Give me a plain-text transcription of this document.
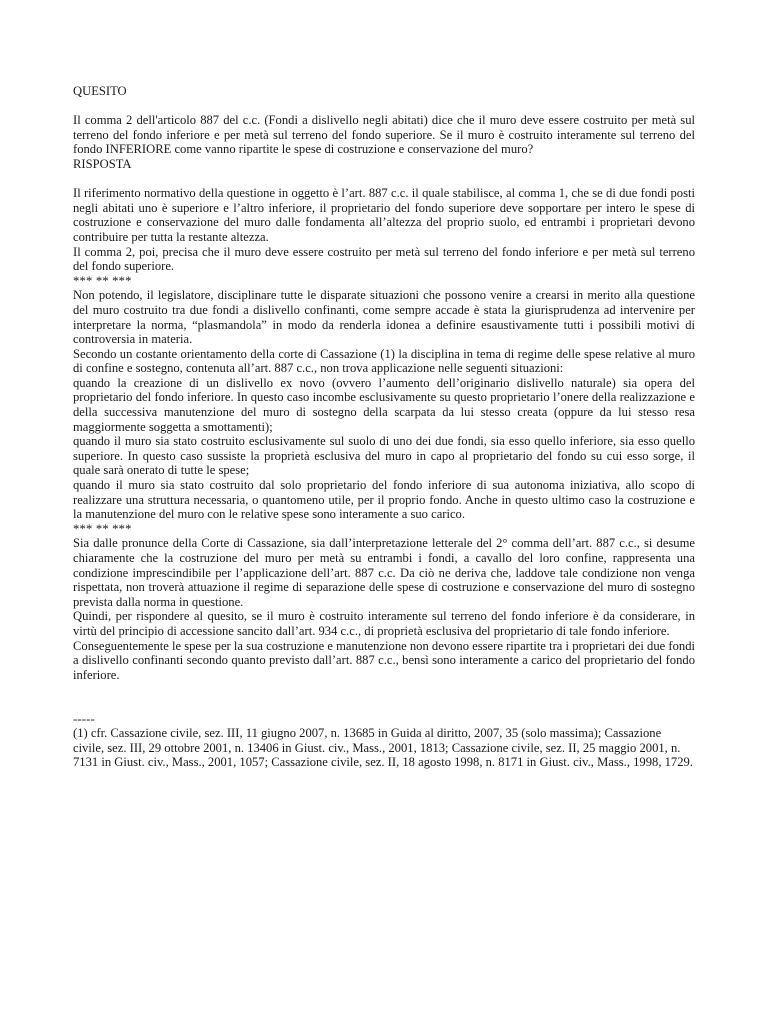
QUESITO

Il comma 2 dell'articolo 887 del c.c. (Fondi a dislivello negli abitati) dice che il muro deve essere costruito per metà sul terreno del fondo inferiore e per metà sul terreno del fondo superiore. Se il muro è costruito interamente sul terreno del fondo INFERIORE come vanno ripartite le spese di costruzione e conservazione del muro?

RISPOSTA

Il riferimento normativo della questione in oggetto è l’art. 887 c.c. il quale stabilisce, al comma 1, che se di due fondi posti negli abitati uno è superiore e l’altro inferiore, il proprietario del fondo superiore deve sopportare per intero le spese di costruzione e conservazione del muro dalle fondamenta all’altezza del proprio suolo, ed entrambi i proprietari devono contribuire per tutta la restante altezza.

Il comma 2, poi, precisa che il muro deve essere costruito per metà sul terreno del fondo inferiore e per metà sul terreno del fondo superiore.

*** ** ***

Non potendo, il legislatore, disciplinare tutte le disparate situazioni che possono venire a crearsi in merito alla questione del muro costruito tra due fondi a dislivello confinanti, come sempre accade è stata la giurisprudenza ad intervenire per interpretare la norma, “plasmandola” in modo da renderla idonea a definire esaustivamente tutti i possibili motivi di controversia in materia.

Secondo un costante orientamento della corte di Cassazione (1) la disciplina in tema di regime delle spese relative al muro di confine e sostegno, contenuta all’art. 887 c.c., non trova applicazione nelle seguenti situazioni:

quando la creazione di un dislivello ex novo (ovvero l’aumento dell’originario dislivello naturale) sia opera del proprietario del fondo inferiore. In questo caso incombe esclusivamente su questo proprietario l’onere della realizzazione e della successiva manutenzione del muro di sostegno della scarpata da lui stesso creata (oppure da lui stesso resa maggiormente soggetta a smottamenti);

quando il muro sia stato costruito esclusivamente sul suolo di uno dei due fondi, sia esso quello inferiore, sia esso quello superiore. In questo caso sussiste la proprietà esclusiva del muro in capo al proprietario del fondo su cui esso sorge, il quale sarà onerato di tutte le spese;

quando il muro sia stato costruito dal solo proprietario del fondo inferiore di sua autonoma iniziativa, allo scopo di realizzare una struttura necessaria, o quantomeno utile, per il proprio fondo. Anche in questo ultimo caso la costruzione e la manutenzione del muro con le relative spese sono interamente a suo carico.

*** ** ***

Sia dalle pronunce della Corte di Cassazione, sia dall’interpretazione letterale del 2° comma dell’art. 887 c.c., si desume chiaramente che la costruzione del muro per metà su entrambi i fondi, a cavallo del loro confine, rappresenta una condizione imprescindibile per l’applicazione dell’art. 887 c.c. Da ciò ne deriva che, laddove tale condizione non venga rispettata, non troverà attuazione il regime di separazione delle spese di costruzione e conservazione del muro di sostegno prevista dalla norma in questione.

Quindi, per rispondere al quesito, se il muro è costruito interamente sul terreno del fondo inferiore è da considerare, in virtù del principio di accessione sancito dall’art. 934 c.c., di proprietà esclusiva del proprietario di tale fondo inferiore.

Conseguentemente le spese per la sua costruzione e manutenzione non devono essere ripartite tra i proprietari dei due fondi a dislivello confinanti secondo quanto previsto dall’art. 887 c.c., bensì sono interamente a carico del proprietario del fondo inferiore.

-----

(1) cfr. Cassazione civile, sez. III, 11 giugno 2007, n. 13685 in Guida al diritto, 2007, 35 (solo massima); Cassazione civile, sez. III, 29 ottobre 2001, n. 13406 in Giust. civ., Mass., 2001, 1813; Cassazione civile, sez. II, 25 maggio 2001, n. 7131 in Giust. civ., Mass., 2001, 1057; Cassazione civile, sez. II, 18 agosto 1998, n. 8171 in Giust. civ., Mass., 1998, 1729.
